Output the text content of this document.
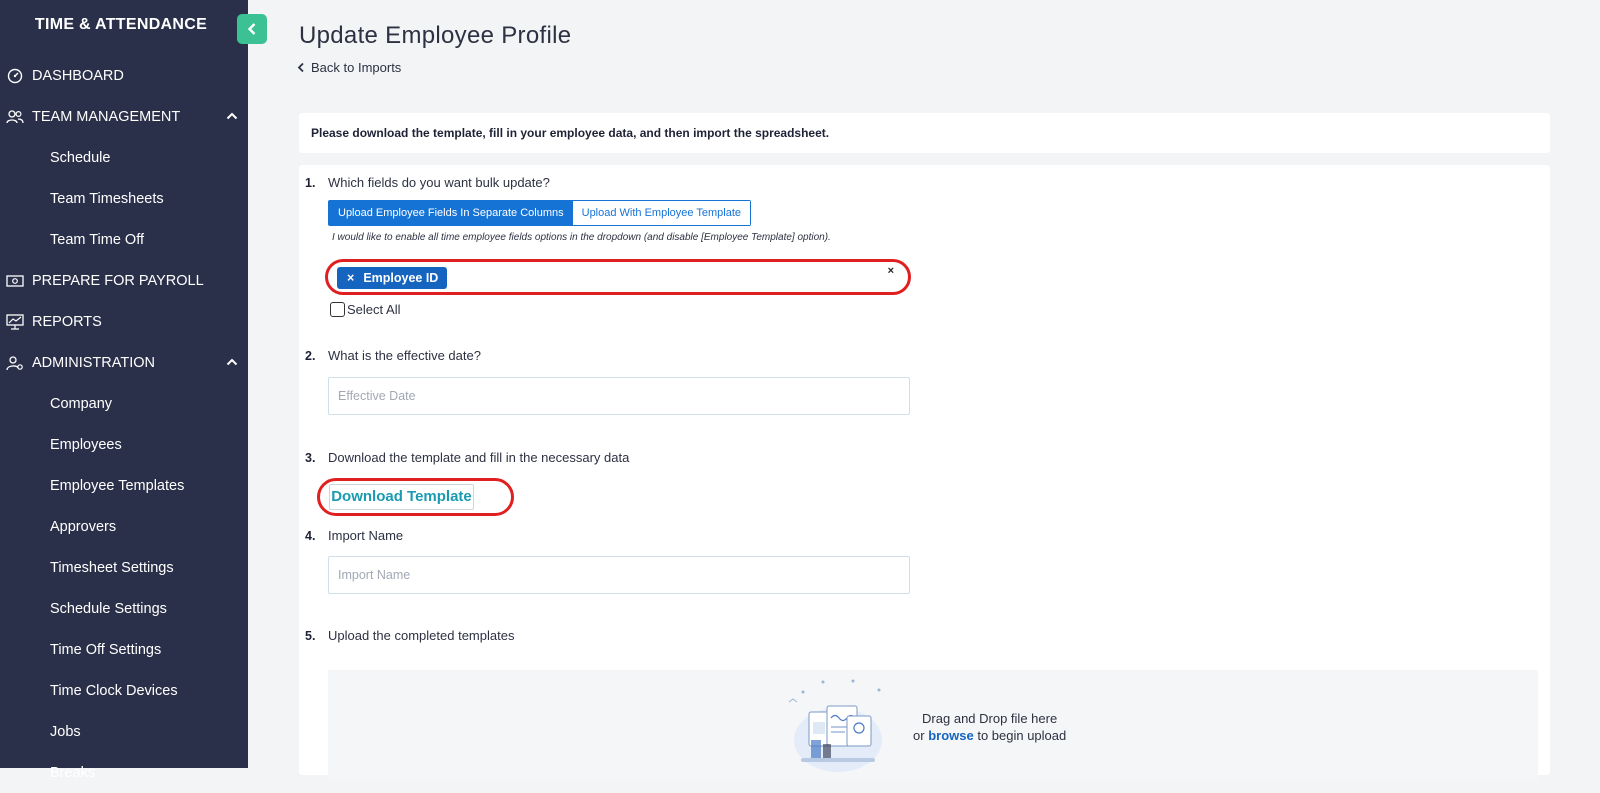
TIME & ATTENDANCE
DASHBOARD
TEAM MANAGEMENT
Schedule
Team Timesheets
Team Time Off
PREPARE FOR PAYROLL
REPORTS
ADMINISTRATION
Company
Employees
Employee Templates
Approvers
Timesheet Settings
Schedule Settings
Time Off Settings
Time Clock Devices
Jobs
Breaks
Update Employee Profile
Back to Imports
Please download the template, fill in your employee data, and then import the spreadsheet.
1. Which fields do you want bulk update?
Upload Employee Fields In Separate Columns	Upload With Employee Template
I would like to enable all time employee fields options in the dropdown (and disable [Employee Template] option).
× Employee ID	×
Select All
2. What is the effective date?
Effective Date
3. Download the template and fill in the necessary data
Download Template
4. Import Name
Import Name
5. Upload the completed templates
Drag and Drop file here
or browse to begin upload
